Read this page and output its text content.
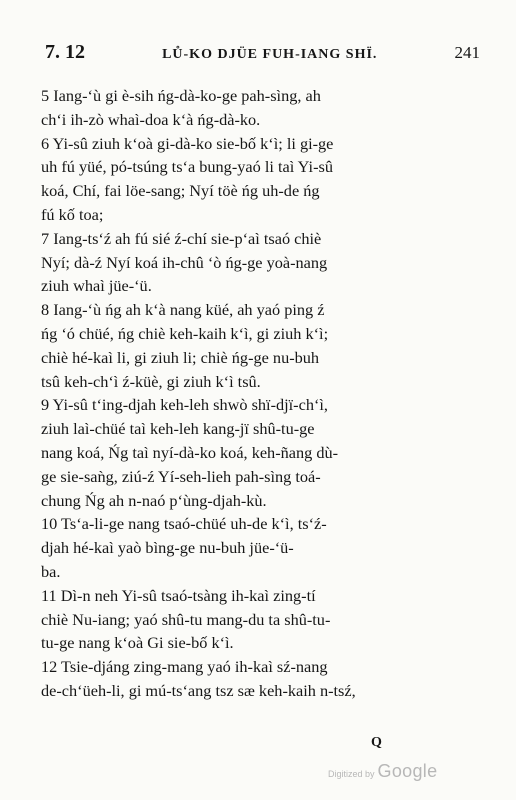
7. 12	LŮ-KO DJÜE FUH-IANG SHÏ.	241
5 Iang-‘ù gi è-sih ńg-dà-ko-ge pah-sìng, ah
ch‘i ih-zò whaì-doa k‘à ńg-dà-ko.
6 Yi-sû ziuh k‘oà gi-dà-ko sie-bố k‘ì; li gi-ge
uh fú yüé, pó-tsúng ts‘a bung-yaó li taì Yi-sû
koá, Chí, fai löe-sang; Nyí töè ńg uh-de ńg
fú kố toa;
7 Iang-ts‘ź ah fú sié ź-chí sie-p‘aì tsaó chiè
Nyí; dà-ź Nyí koá ih-chû ‘ò ńg-ge yoà-nang
ziuh whaì jüe-‘ü.
8 Iang-‘ù ńg ah k‘à nang küé, ah yaó ping ź
ńg ‘ó chüé, ńg chiè keh-kaih k‘ì, gi ziuh k‘ì;
chiè hé-kaì li, gi ziuh li; chiè ńg-ge nu-buh
tsû keh-ch‘ì ź-küè, gi ziuh k‘ì tsû.
9 Yi-sû t‘ing-djah keh-leh shwò shï-djï-ch‘ì,
ziuh laì-chüé taì keh-leh kang-jï shû-tu-ge
nang koá, Ńg taì nyí-dà-ko koá, keh-ñang dù-
ge sie-saǹg, ziú-ź Yí-seh-lieh pah-sìng toá-
chung Ńg ah n-naó p‘ùng-djah-kù.
10 Ts‘a-li-ge nang tsaó-chüé uh-de k‘ì, ts‘ź-
djah hé-kaì yaò bìng-ge nu-buh jüe-‘ü-
ba.
11 Dì-n neh Yi-sû tsaó-tsàng ih-kaì zing-tí
chiè Nu-iang; yaó shû-tu mang-du ta shû-tu-
tu-ge nang k‘oà Gi sie-bố k‘ì.
12 Tsie-djáng zing-mang yaó ih-kaì sź-nang
de-ch‘üeh-li, gi mú-ts‘ang tsz sæ keh-kaih n-tsź,
Q
Digitized by Google
